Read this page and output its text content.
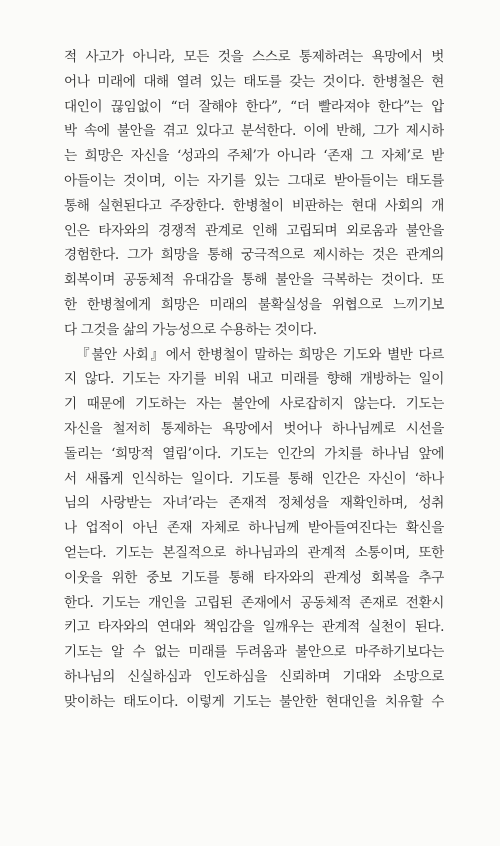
적 사고가 아니라, 모든 것을 스스로 통제하려는 욕망에서 벗
어나 미래에 대해 열려 있는 태도를 갖는 것이다. 한병철은 현
대인이 끊임없이 “더 잘해야 한다”, “더 빨라져야 한다”는 압
박 속에 불안을 겪고 있다고 분석한다. 이에 반해, 그가 제시하
는 희망은 자신을 ‘성과의 주체’가 아니라 ‘존재 그 자체’로 받
아들이는 것이며, 이는 자기를 있는 그대로 받아들이는 태도를
통해 실현된다고 주장한다. 한병철이 비판하는 현대 사회의 개
인은 타자와의 경쟁적 관계로 인해 고립되며 외로움과 불안을
경험한다. 그가 희망을 통해 궁극적으로 제시하는 것은 관계의
회복이며 공동체적 유대감을 통해 불안을 극복하는 것이다. 또
한 한병철에게 희망은 미래의 불확실성을 위협으로 느끼기보
다 그것을 삶의 가능성으로 수용하는 것이다.
『불안 사회』에서 한병철이 말하는 희망은 기도와 별반 다르
지 않다. 기도는 자기를 비워 내고 미래를 향해 개방하는 일이
기 때문에 기도하는 자는 불안에 사로잡히지 않는다. 기도는
자신을 철저히 통제하는 욕망에서 벗어나 하나님께로 시선을
돌리는 ‘희망적 열림’이다. 기도는 인간의 가치를 하나님 앞에
서 새롭게 인식하는 일이다. 기도를 통해 인간은 자신이 ‘하나
님의 사랑받는 자녀’라는 존재적 정체성을 재확인하며, 성취
나 업적이 아닌 존재 자체로 하나님께 받아들여진다는 확신을
얻는다. 기도는 본질적으로 하나님과의 관계적 소통이며, 또한
이웃을 위한 중보 기도를 통해 타자와의 관계성 회복을 추구
한다. 기도는 개인을 고립된 존재에서 공동체적 존재로 전환시
키고 타자와의 연대와 책임감을 일깨우는 관계적 실천이 된다.
기도는 알 수 없는 미래를 두려움과 불안으로 마주하기보다는
하나님의 신실하심과 인도하심을 신뢰하며 기대와 소망으로
맞이하는 태도이다. 이렇게 기도는 불안한 현대인을 치유할 수
